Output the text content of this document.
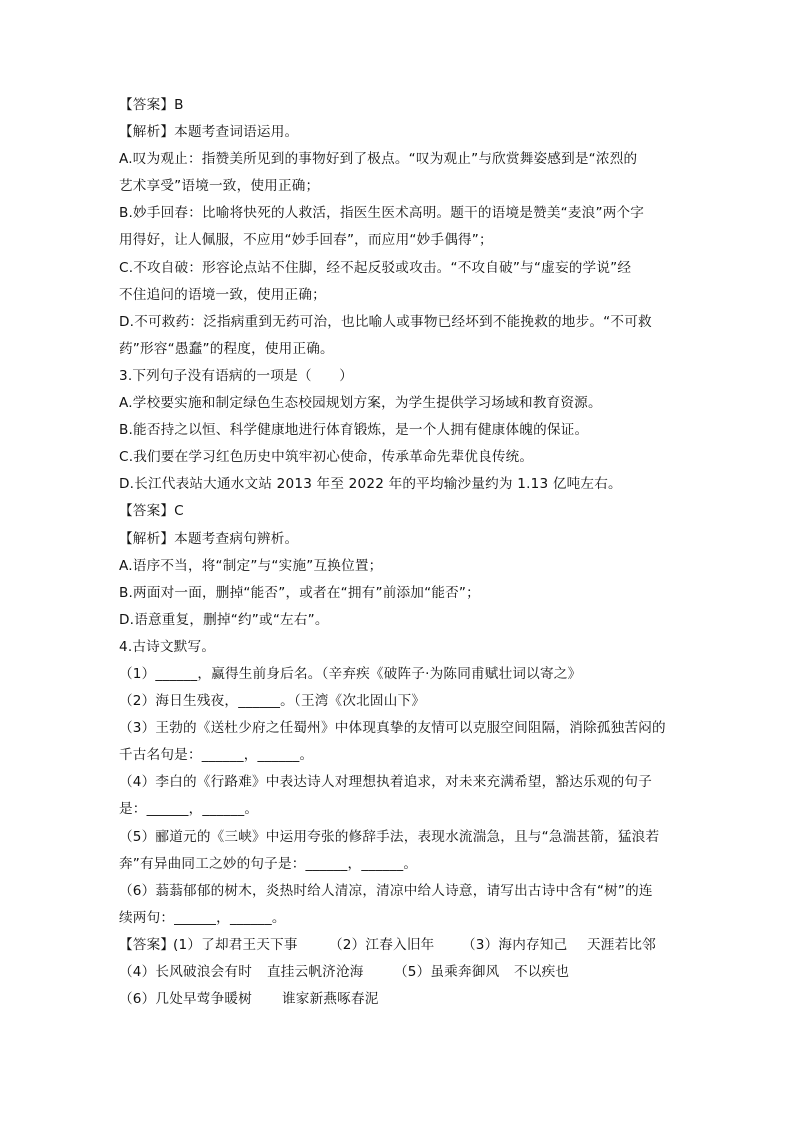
【答案】B
【解析】本题考查词语运用。
A.叹为观止：指赞美所见到的事物好到了极点。“叹为观止”与欣赏舞姿感到是“浓烈的
艺术享受”语境一致，使用正确；
B.妙手回春：比喻将快死的人救活，指医生医术高明。题干的语境是赞美“麦浪”两个字
用得好，让人佩服，不应用“妙手回春”，而应用“妙手偶得”；
C.不攻自破：形容论点站不住脚，经不起反驳或攻击。“不攻自破”与“虚妄的学说”经
不住追问的语境一致，使用正确；
D.不可救药：泛指病重到无药可治，也比喻人或事物已经坏到不能挽救的地步。“不可救
药”形容“愚蠢”的程度，使用正确。
3.下列句子没有语病的一项是（　　）
A.学校要实施和制定绿色生态校园规划方案，为学生提供学习场域和教育资源。
B.能否持之以恒、科学健康地进行体育锻炼，是一个人拥有健康体魄的保证。
C.我们要在学习红色历史中筑牢初心使命，传承革命先辈优良传统。
D.长江代表站大通水文站 2013 年至 2022 年的平均输沙量约为 1.13 亿吨左右。
【答案】C
【解析】本题考查病句辨析。
A.语序不当，将“制定”与“实施”互换位置；
B.两面对一面，删掉“能否”，或者在“拥有”前添加“能否”；
D.语意重复，删掉“约”或“左右”。
4.古诗文默写。
（1）______，赢得生前身后名。（辛弃疾《破阵子·为陈同甫赋壮词以寄之》
（2）海日生残夜，______。（王湾《次北固山下》
（3）王勃的《送杜少府之任蜀州》中体现真挚的友情可以克服空间阻隔，消除孤独苦闷的
千古名句是：______，______。
（4）李白的《行路难》中表达诗人对理想执着追求，对未来充满希望，豁达乐观的句子
是：______，______。
（5）郦道元的《三峡》中运用夸张的修辞手法，表现水流湍急，且与“急湍甚箭，猛浪若
奔”有异曲同工之妙的句子是：______，______。
（6）蓊蓊郁郁的树木，炎热时给人清凉，清凉中给人诗意，请写出古诗中含有“树”的连
续两句：______，______。
【答案】
(1）了却君王天下事	（2）江春入旧年	（3）海内存知己	天涯若比邻
（4）长风破浪会有时	直挂云帆济沧海	（5）虽乘奔御风	不以疾也
（6）几处早莺争暖树	谁家新燕啄春泥
